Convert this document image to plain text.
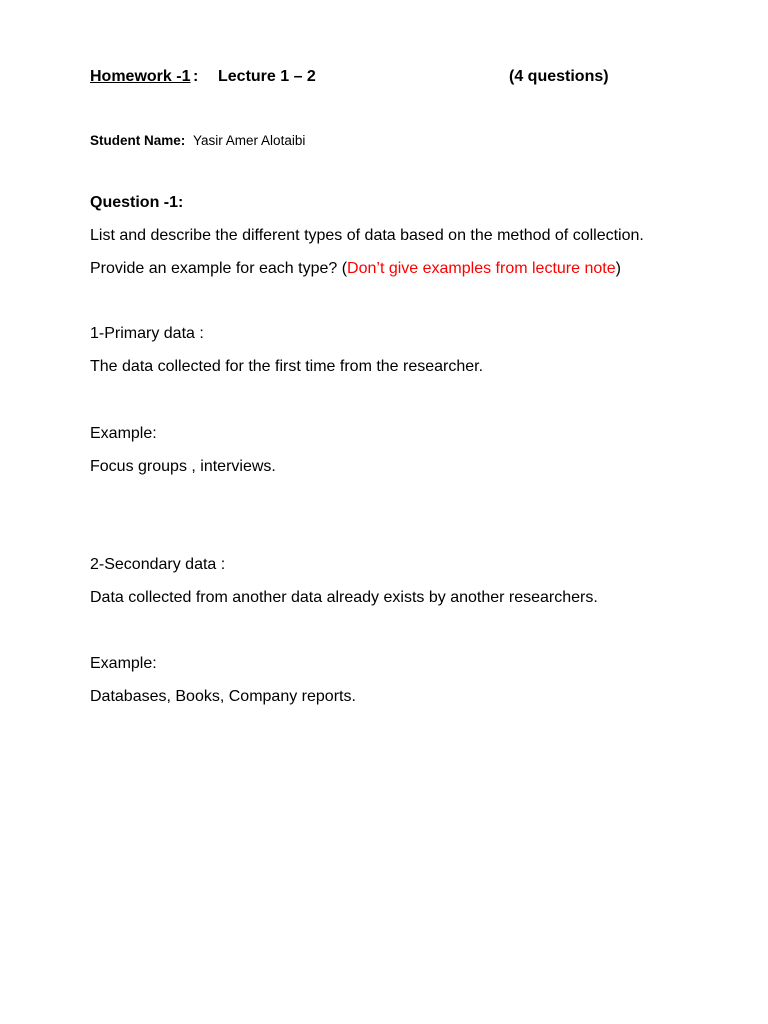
Homework -1 : Lecture 1 – 2	(4 questions)
Student Name: Yasir Amer Alotaibi
Question -1:
List and describe the different types of data based on the method of collection.
Provide an example for each type? (Don’t give examples from lecture note)
1-Primary data :
The data collected for the first time from the researcher.
Example:
Focus groups , interviews.
2-Secondary data :
Data collected from another data already exists by another researchers.
Example:
Databases, Books, Company reports.
